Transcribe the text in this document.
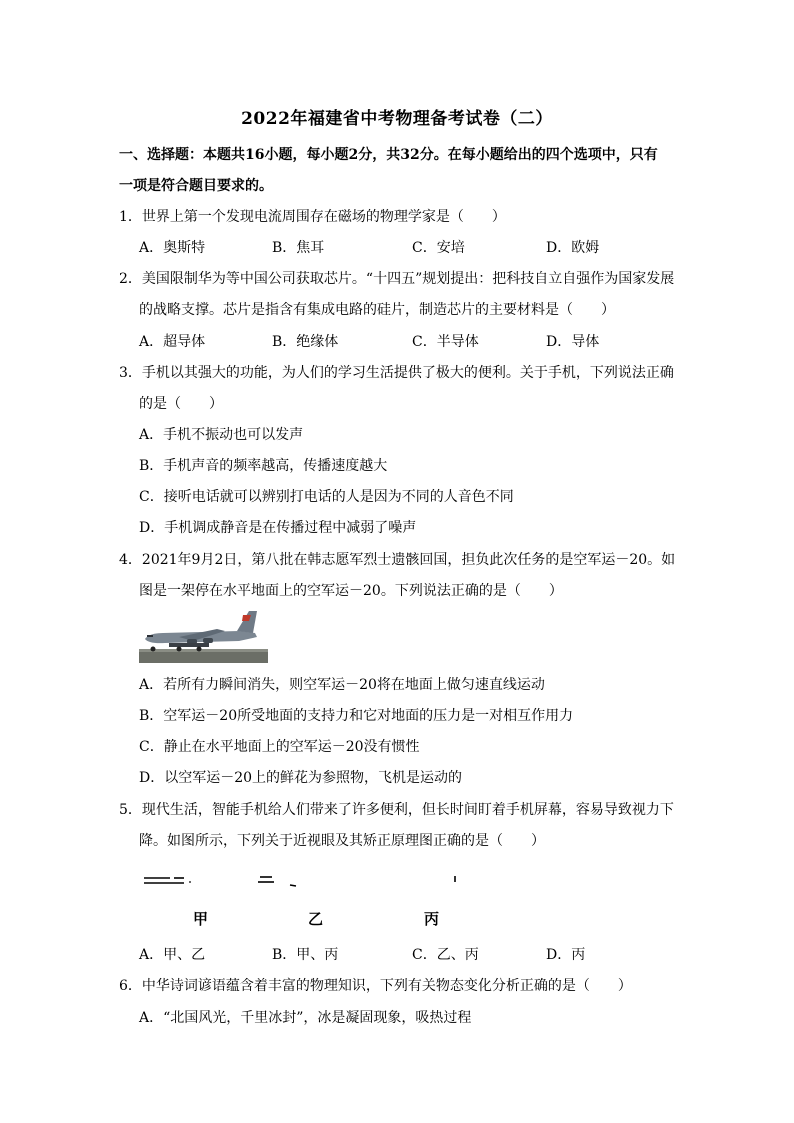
2022年福建省中考物理备考试卷（二）
一、选择题：本题共16小题，每小题2分，共32分。在每小题给出的四个选项中，只有
一项是符合题目要求的。
1．世界上第一个发现电流周围存在磁场的物理学家是（　　）
A．奥斯特	B．焦耳	C．安培	D．欧姆
2．美国限制华为等中国公司获取芯片。“十四五”规划提出：把科技自立自强作为国家发展
的战略支撑。芯片是指含有集成电路的硅片，制造芯片的主要材料是（　　）
A．超导体	B．绝缘体	C．半导体	D．导体
3．手机以其强大的功能，为人们的学习生活提供了极大的便利。关于手机，下列说法正确
的是（　　）
A．手机不振动也可以发声
B．手机声音的频率越高，传播速度越大
C．接听电话就可以辨别打电话的人是因为不同的人音色不同
D．手机调成静音是在传播过程中减弱了噪声
4．2021年9月2日，第八批在韩志愿军烈士遗骸回国，担负此次任务的是空军运－20。如
图是一架停在水平地面上的空军运－20。下列说法正确的是（　　）
A．若所有力瞬间消失，则空军运－20将在地面上做匀速直线运动
B．空军运－20所受地面的支持力和它对地面的压力是一对相互作用力
C．静止在水平地面上的空军运－20没有惯性
D．以空军运－20上的鲜花为参照物，飞机是运动的
5．现代生活，智能手机给人们带来了许多便利，但长时间盯着手机屏幕，容易导致视力下
降。如图所示，下列关于近视眼及其矫正原理图正确的是（　　）
甲	乙	丙
A．甲、乙	B．甲、丙	C．乙、丙	D．丙
6．中华诗词谚语蕴含着丰富的物理知识，下列有关物态变化分析正确的是（　　）
A．“北国风光，千里冰封”，冰是凝固现象，吸热过程
